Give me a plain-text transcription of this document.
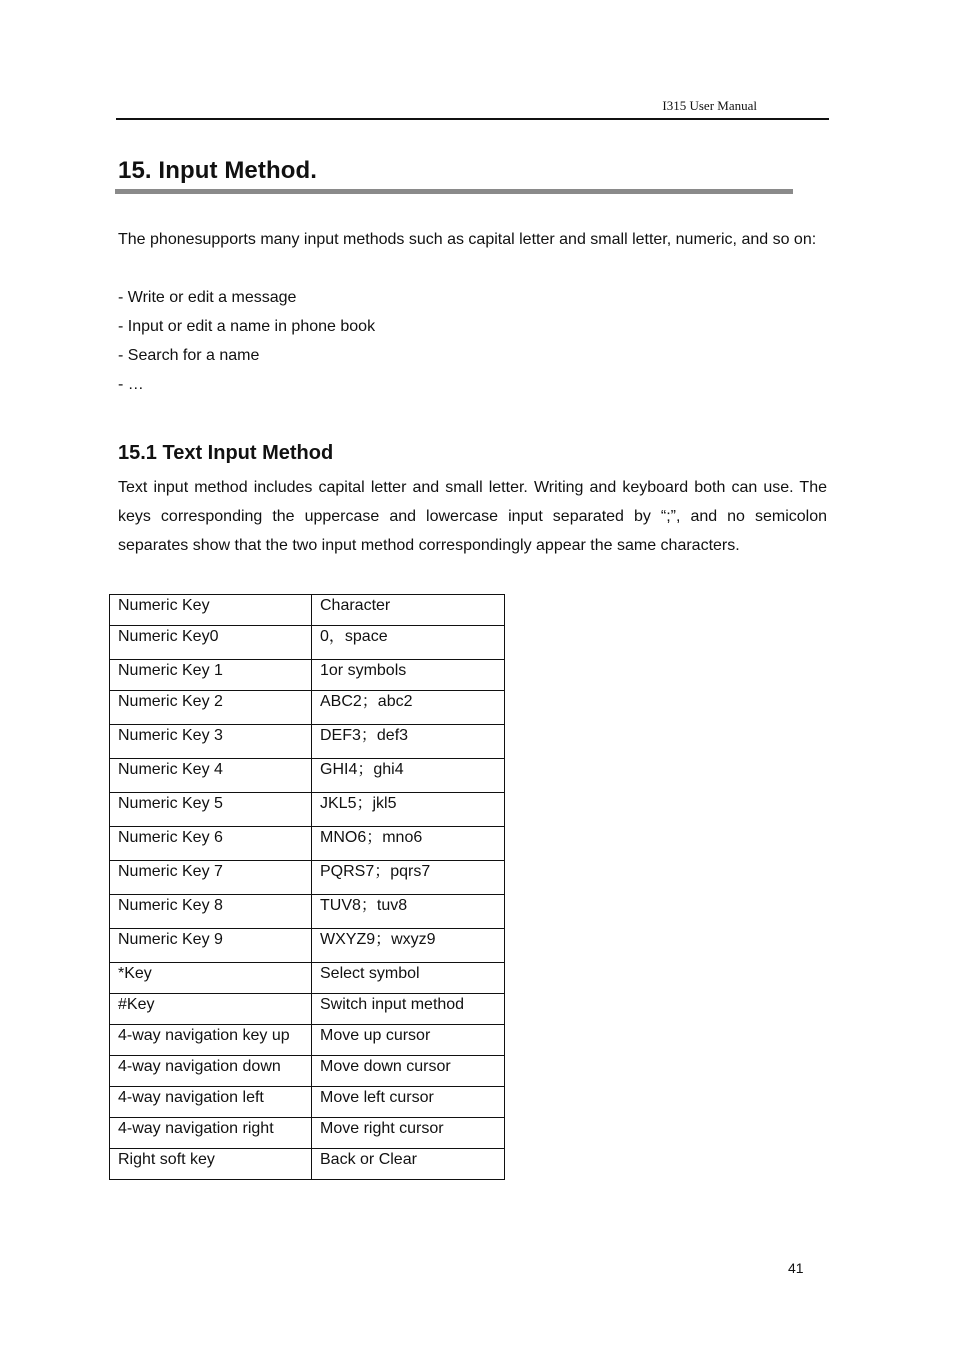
I315 User Manual
15. Input Method.

The phonesupports many input methods such as capital letter and small letter, numeric, and so on:

- Write or edit a message
- Input or edit a name in phone book
- Search for a name
- …
15.1 Text Input Method

Text input method includes capital letter and small letter. Writing and keyboard both can use. The keys corresponding the uppercase and lowercase input separated by “;”, and no semicolon separates show that the two input method correspondingly appear the same characters.

Numeric Key	Character
Numeric Key0	0，space
Numeric Key 1	1or symbols
Numeric Key 2	ABC2；abc2
Numeric Key 3	DEF3；def3
Numeric Key 4	GHI4；ghi4
Numeric Key 5	JKL5；jkl5
Numeric Key 6	MNO6；mno6
Numeric Key 7	PQRS7；pqrs7
Numeric Key 8	TUV8；tuv8
Numeric Key 9	WXYZ9；wxyz9
*Key	Select symbol
#Key	Switch input method
4-way navigation key up	Move up cursor
4-way navigation down	Move down cursor
4-way navigation left	Move left cursor
4-way navigation right	Move right cursor
Right soft key	Back or Clear
41
